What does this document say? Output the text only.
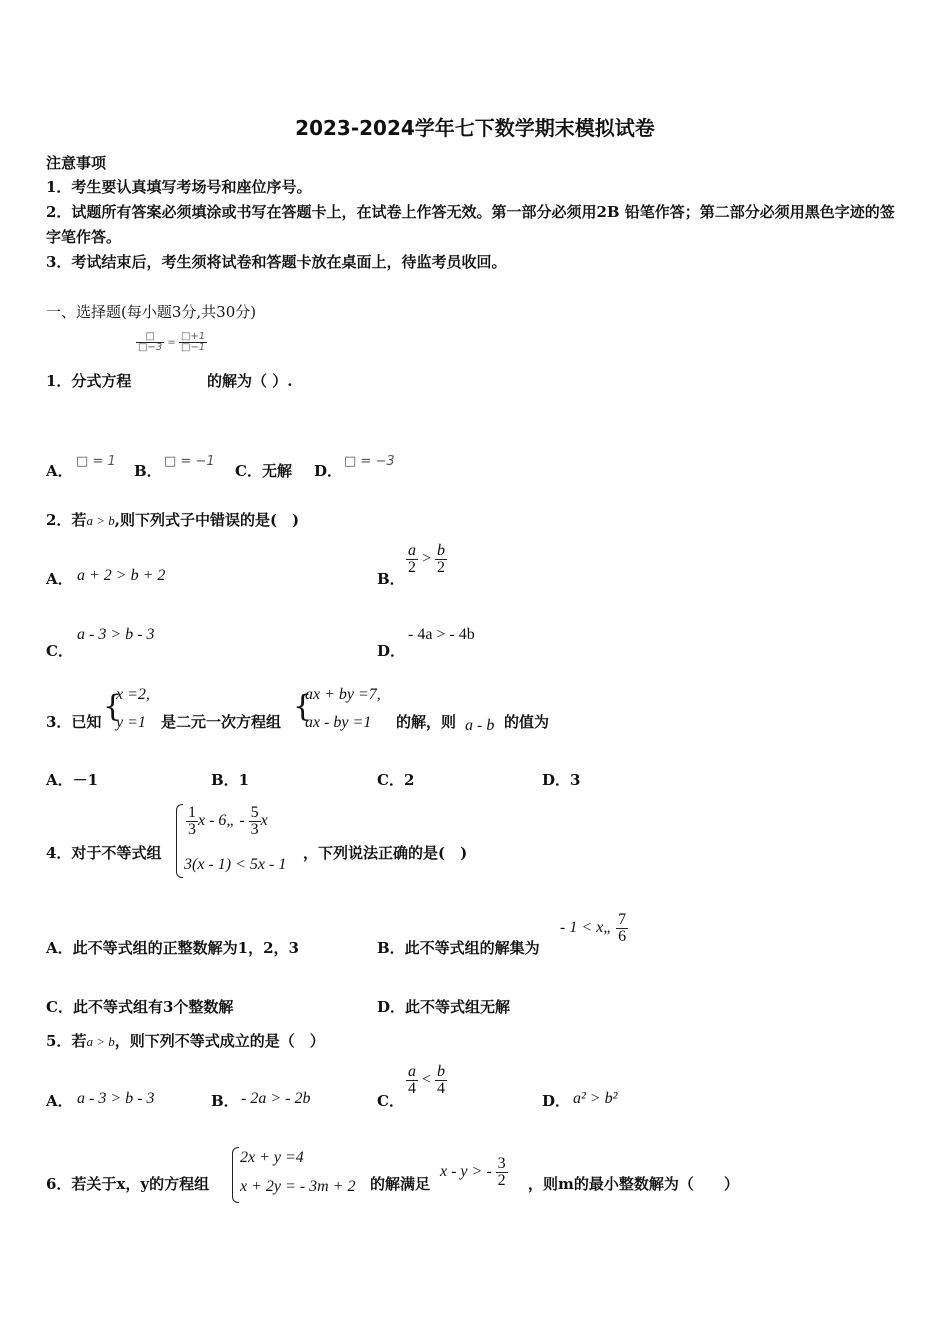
2023-2024学年七下数学期末模拟试卷
注意事项
1．考生要认真填写考场号和座位序号。
2．试题所有答案必须填涂或书写在答题卡上，在试卷上作答无效。第一部分必须用2B 铅笔作答；第二部分必须用黑色字迹的签字笔作答。
3．考试结束后，考生须将试卷和答题卡放在桌面上，待监考员收回。
一、选择题(每小题3分,共30分)
$\frac{□}{□-3} = \frac{□+1}{□-1}$
1．分式方程	的解为（ ）.
A．
□ = 1
B．
□ = −1
C．无解 D．
□ = −3
2．若a > b,则下列式子中错误的是(　)
A． a + 2 > b + 2	B．
$\frac{a}{2} > \frac{b}{2}$
C．
a - 3 > b - 3
D．
- 4a > - 4b
3．已知 {
x =2,
y =1 是二元一次方程组 {
ax + by =7,
ax - by =1 的解，则 a - b 的值为
A．－1	B．1	C．2	D．3
4．对于不等式组
$\frac{1}{3}$ x - 6„ - $\frac{5}{3}$ x
3(x - 1) < 5x - 1
，下列说法正确的是(　)
A．此不等式组的正整数解为1，2，3	B．此不等式组的解集为
- 1 < x„ $\frac{7}{6}$
C．此不等式组有3个整数解	D．此不等式组无解
5．若a > b，则下列不等式成立的是（　）
A． a - 3 > b - 3	B． - 2a > - 2b	C．
$\frac{a}{4} < \frac{b}{4}$
D． a² > b²
6．若关于x，y的方程组
2x + y =4
x + 2y = - 3m + 2 的解满足
x - y > - $\frac{3}{2}$ ，则m的最小整数解为（　　）
